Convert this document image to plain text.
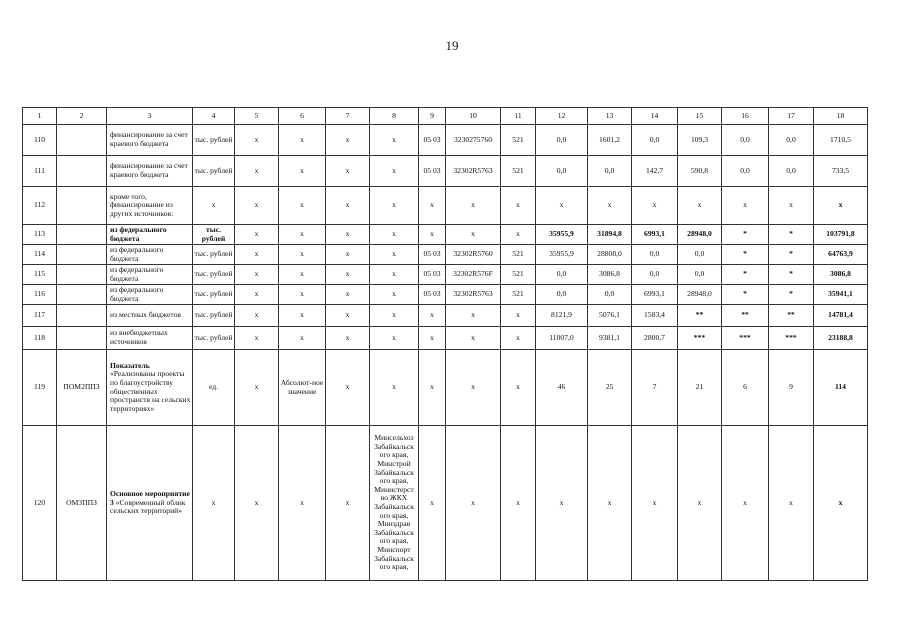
19
1	2	3	4	5	6	7	8	9	10	11	12	13	14	15	16	17	18
110		финансирование за счет краевого бюджета	тыс. рублей	x	x	x	x	05 03	3230275760	521	0,0	1601,2	0,0	109,3	0,0	0,0	1710,5
111		финансирование за счет краевого бюджета	тыс. рублей	x	x	x	x	05 03	32302R5763	521	0,0	0,0	142,7	590,8	0,0	0,0	733,5
112		кроме того, финансирование из других источников:	x	x	x	x	x	x	x	x	x	x	x	x	x	x	x
113		из федерального бюджета	тыс. рублей	x	x	x	x	x	x	x	35955,9	31894,8	6993,1	28948,0	*	*	103791,8
114		из федерального бюджета	тыс. рублей	x	x	x	x	05 03	32302R5760	521	35955,9	28808,0	0,0	0,0	*	*	64763,9
115		из федерального бюджета	тыс. рублей	x	x	x	x	05 03	32302R576F	521	0,0	3086,8	0,0	0,0	*	*	3086,8
116		из федерального бюджета	тыс. рублей	x	x	x	x	05 03	32302R5763	521	0,0	0,0	6993,1	28948,0	*	*	35941,1
117		из местных бюджетов	тыс. рублей	x	x	x	x	x	x	x	8121,9	5076,1	1583,4	**	**	**	14781,4
118		из внебюджетных источников	тыс. рублей	x	x	x	x	x	x	x	11007,0	9381,1	2800,7	***	***	***	23188,8
119	ПОМ2ППЗ	Показатель «Реализованы проекты по благоустройству общественных пространств на сельских территориях»	ед.	x	Абсолют-ное значение	x	x	x	x	x	46	25	7	21	6	9	114
120	ОМ3ППЗ	Основное мероприятие 3 «Современный облик сельских территорий»	x	x	x	x	Минсельхоз Забайкальск ого края, Минстрой Забайкальск ого края, Министерст во ЖКХ Забайкальск ого края, Минздрав Забайкальск ого края, Минспорт Забайкальск ого края,	x	x	x	x	x	x	x	x	x	x
